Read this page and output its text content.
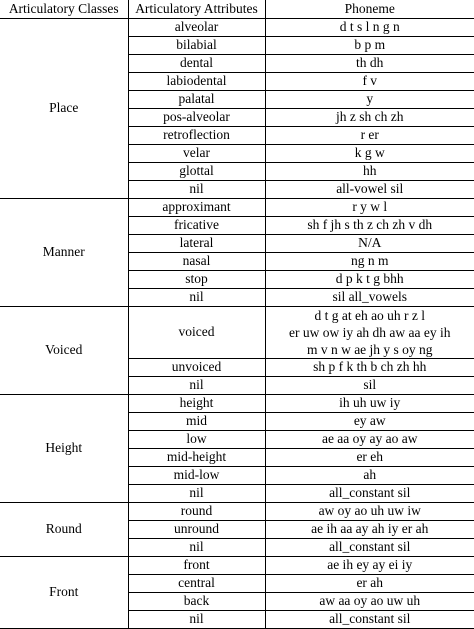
Articulatory Classes	Articulatory Attributes	Phoneme
Place	alveolar	d t s l n g n
	bilabial	b p m
	dental	th dh
	labiodental	f v
	palatal	y
	pos-alveolar	jh z sh ch zh
	retroflection	r er
	velar	k g w
	glottal	hh
	nil	all-vowel sil
Manner	approximant	r y w l
	fricative	sh f jh s th z ch zh v dh
	lateral	N/A
	nasal	ng n m
	stop	d p k t g bhh
	nil	sil all_vowels
Voiced	voiced	d t g at eh ao uh r z l
er uw ow iy ah dh aw aa ey ih
m v n w ae jh y s oy ng

	unvoiced	sh p f k th b ch zh hh
	nil	sil
Height	height	ih uh uw iy
	mid	ey aw
	low	ae aa oy ay ao aw
	mid-height	er eh
	mid-low	ah
	nil	all_constant sil
Round	round	aw oy ao uh uw iw
	unround	ae ih aa ay ah iy er ah
	nil	all_constant sil
Front	front	ae ih ey ay ei iy
	central	er ah
	back	aw aa oy ao uw uh
	nil	all_constant sil
